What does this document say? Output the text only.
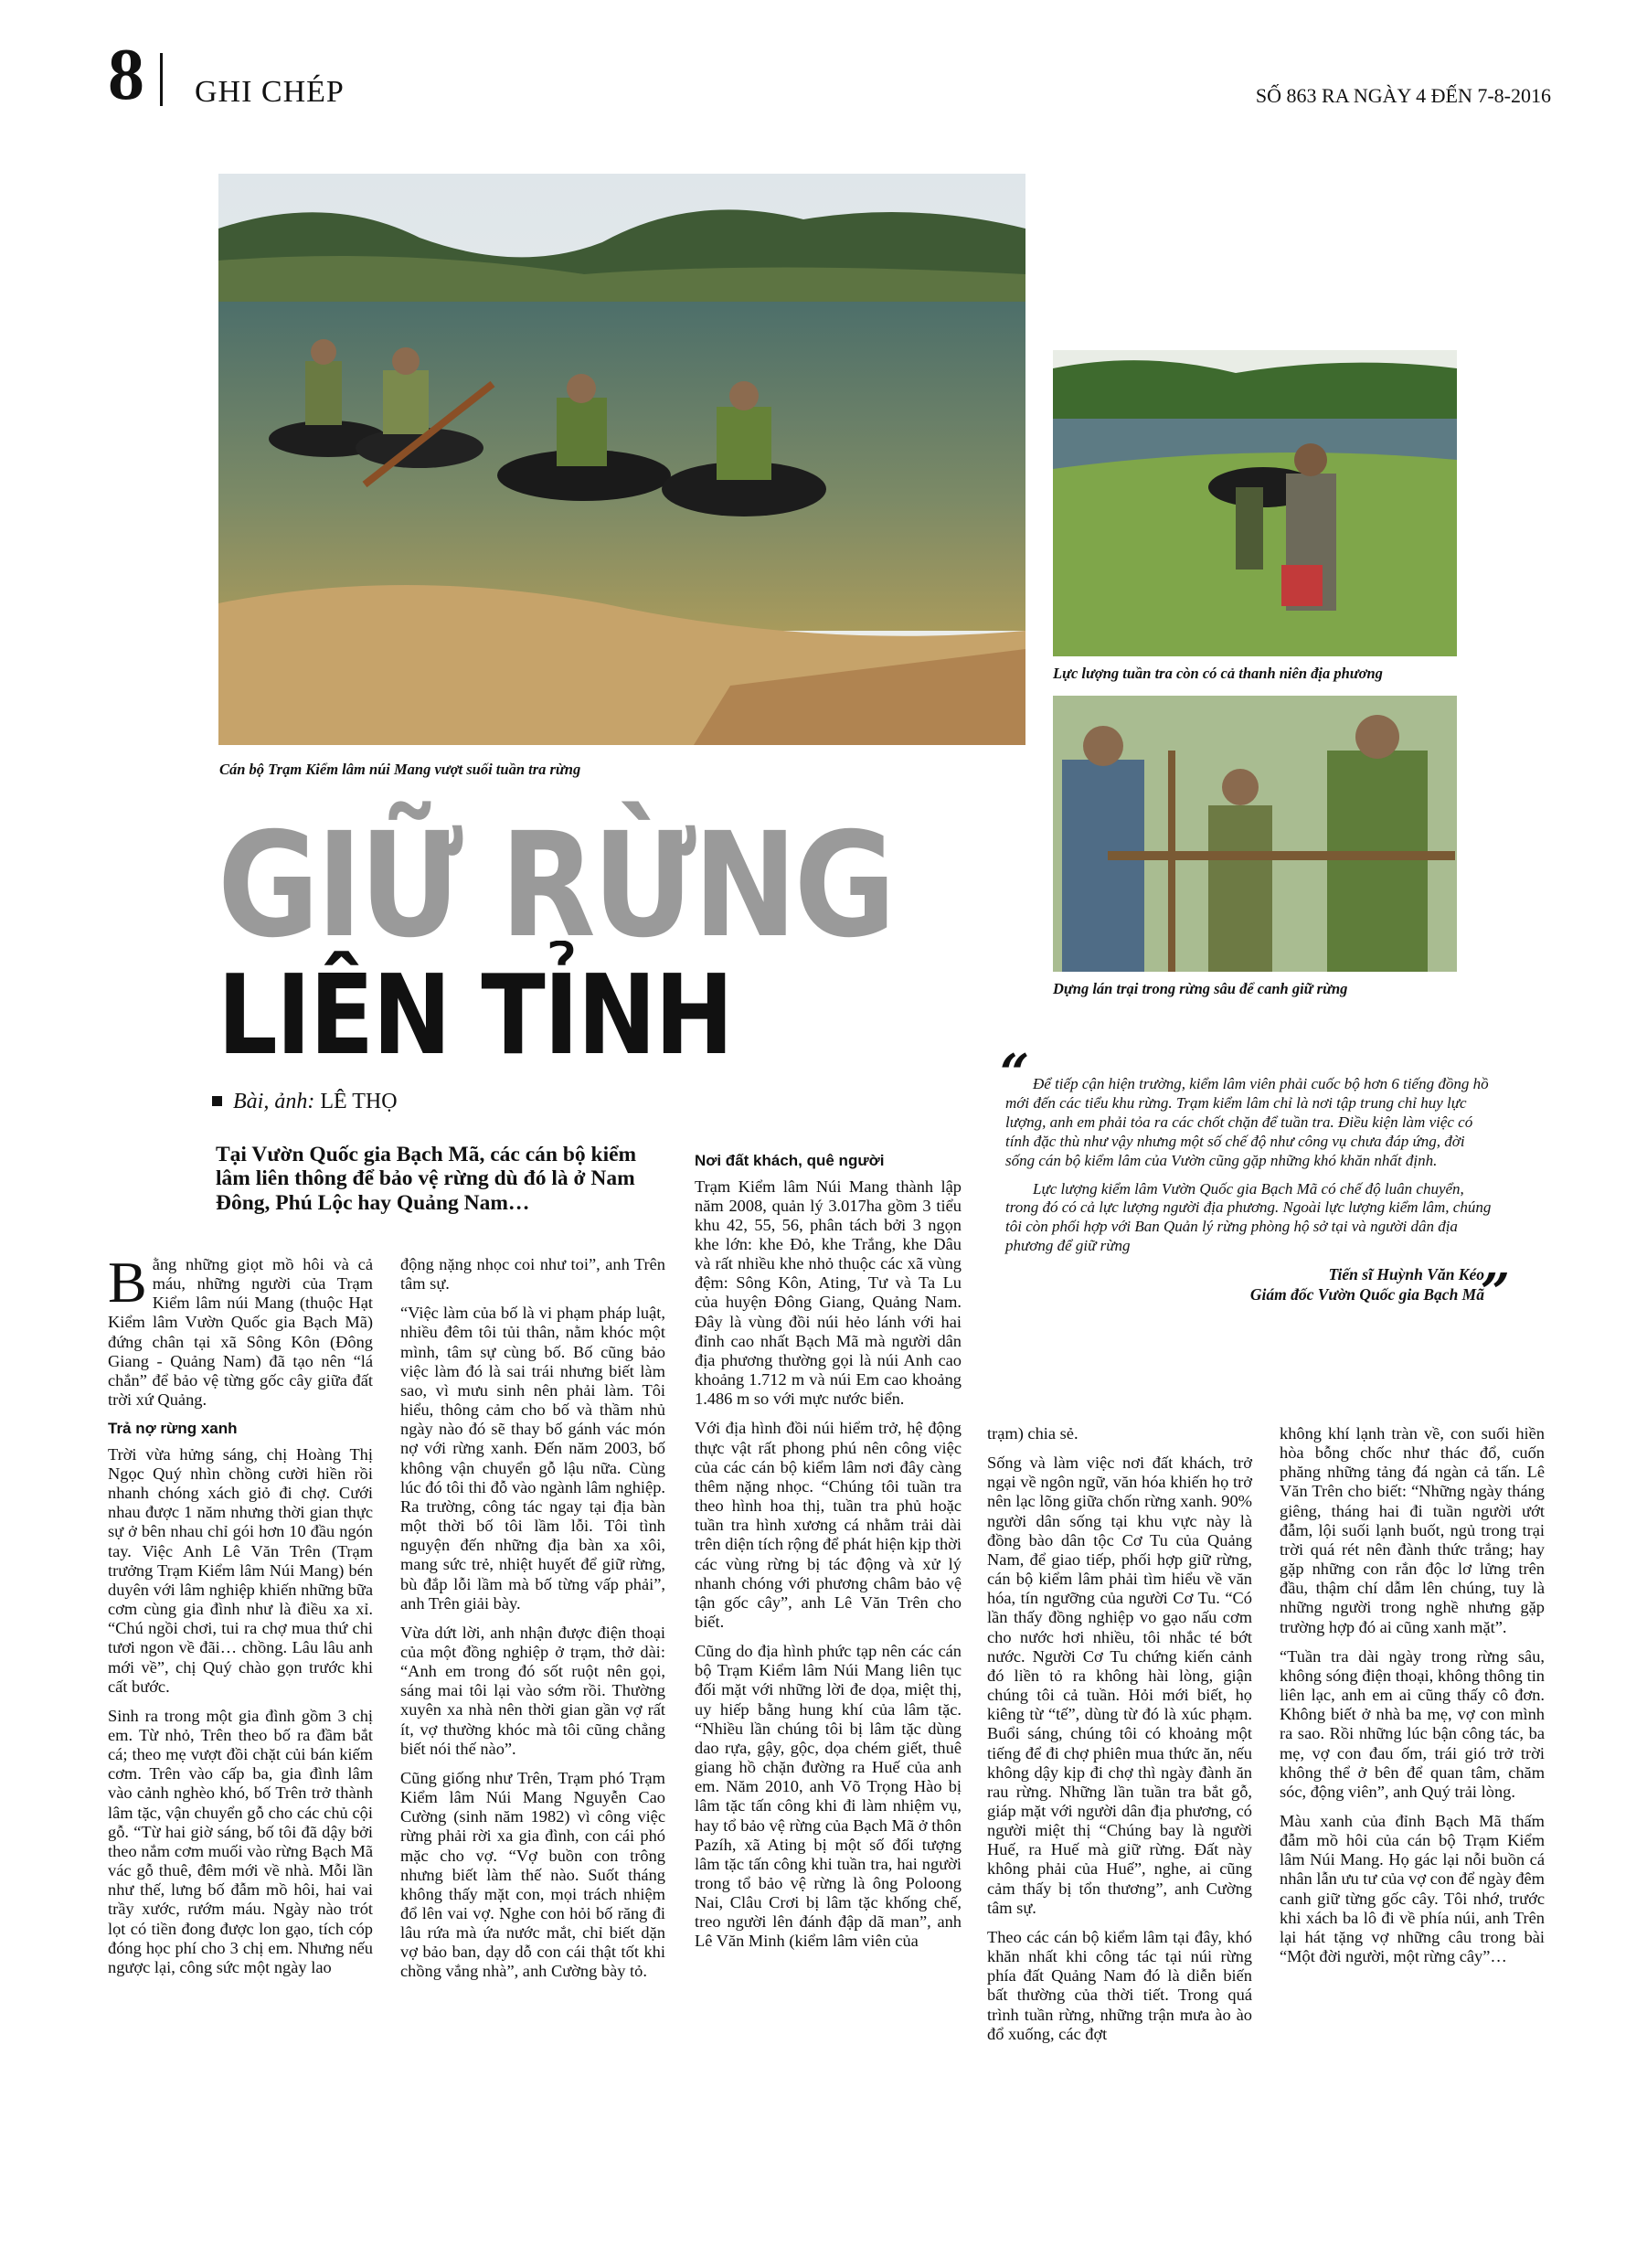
8 GHI CHÉP	SỐ 863 RA NGÀY 4 ĐẾN 7-8-2016
Cán bộ Trạm Kiểm lâm núi Mang vượt suối tuần tra rừng
Lực lượng tuần tra còn có cả thanh niên địa phương
Dựng lán trại trong rừng sâu để canh giữ rừng
GIỮ RỪNG
LIÊN TỈNH
Bài, ảnh: LÊ THỌ
Tại Vườn Quốc gia Bạch Mã, các cán bộ kiểm lâm liên thông để bảo vệ rừng dù đó là ở Nam Đông, Phú Lộc hay Quảng Nam…
“ Để tiếp cận hiện trường, kiểm lâm viên phải cuốc bộ hơn 6 tiếng đồng hồ mới đến các tiểu khu rừng. Trạm kiểm lâm chỉ là nơi tập trung chỉ huy lực lượng, anh em phải tỏa ra các chốt chặn để tuần tra. Điều kiện làm việc có tính đặc thù như vậy nhưng một số chế độ như công vụ chưa đáp ứng, đời sống cán bộ kiểm lâm của Vườn cũng gặp những khó khăn nhất định.

Lực lượng kiểm lâm Vườn Quốc gia Bạch Mã có chế độ luân chuyển, trong đó có cả lực lượng người địa phương. Ngoài lực lượng kiểm lâm, chúng tôi còn phối hợp với Ban Quản lý rừng phòng hộ sở tại và người dân địa phương để giữ rừng

Tiến sĩ Huỳnh Văn Kéo
Giám đốc Vườn Quốc gia Bạch Mã
”

Bằng những giọt mồ hôi và cả máu, những người của Trạm Kiểm lâm núi Mang (thuộc Hạt Kiểm lâm Vườn Quốc gia Bạch Mã) đứng chân tại xã Sông Kôn (Đông Giang - Quảng Nam) đã tạo nên “lá chắn” để bảo vệ từng gốc cây giữa đất trời xứ Quảng.

Trả nợ rừng xanh

Trời vừa hửng sáng, chị Hoàng Thị Ngọc Quý nhìn chồng cười hiền rồi nhanh chóng xách giỏ đi chợ. Cưới nhau được 1 năm nhưng thời gian thực sự ở bên nhau chỉ gói hơn 10 đầu ngón tay. Việc Anh Lê Văn Trên (Trạm trưởng Trạm Kiểm lâm Núi Mang) bén duyên với lâm nghiệp khiến những bữa cơm cùng gia đình như là điều xa xỉ. “Chú ngồi chơi, tui ra chợ mua thứ chi tươi ngon về đãi… chồng. Lâu lâu anh mới về”, chị Quý chào gọn trước khi cất bước.

Sinh ra trong một gia đình gồm 3 chị em. Từ nhỏ, Trên theo bố ra đầm bắt cá; theo mẹ vượt đồi chặt củi bán kiếm cơm. Trên vào cấp ba, gia đình lâm vào cảnh nghèo khó, bố Trên trở thành lâm tặc, vận chuyển gỗ cho các chủ cội gỗ. “Từ hai giờ sáng, bố tôi đã dậy bởi theo nắm cơm muối vào rừng Bạch Mã vác gỗ thuê, đêm mới về nhà. Mỗi lần như thế, lưng bố đẫm mồ hôi, hai vai trầy xước, rướm máu. Ngày nào trót lọt có tiền đong được lon gạo, tích cóp đóng học phí cho 3 chị em. Nhưng nếu ngược lại, công sức một ngày lao

động nặng nhọc coi như toi”, anh Trên tâm sự.

“Việc làm của bố là vi phạm pháp luật, nhiều đêm tôi tủi thân, nằm khóc một mình, tâm sự cùng bố. Bố cũng bảo việc làm đó là sai trái nhưng biết làm sao, vì mưu sinh nên phải làm. Tôi hiểu, thông cảm cho bố và thầm nhủ ngày nào đó sẽ thay bố gánh vác món nợ với rừng xanh. Đến năm 2003, bố không vận chuyển gỗ lậu nữa. Cùng lúc đó tôi thi đỗ vào ngành lâm nghiệp. Ra trường, công tác ngay tại địa bàn một thời bố tôi lầm lỗi. Tôi tình nguyện đến những địa bàn xa xôi, mang sức trẻ, nhiệt huyết để giữ rừng, bù đắp lỗi lầm mà bố từng vấp phải”, anh Trên giải bày.

Vừa dứt lời, anh nhận được điện thoại của một đồng nghiệp ở trạm, thở dài: “Anh em trong đó sốt ruột nên gọi, sáng mai tôi lại vào sớm rồi. Thường xuyên xa nhà nên thời gian gần vợ rất ít, vợ thường khóc mà tôi cũng chẳng biết nói thế nào”.

Cũng giống như Trên, Trạm phó Trạm Kiểm lâm Núi Mang Nguyễn Cao Cường (sinh năm 1982) vì công việc rừng phải rời xa gia đình, con cái phó mặc cho vợ. “Vợ buồn con trông nhưng biết làm thế nào. Suốt tháng không thấy mặt con, mọi trách nhiệm đổ lên vai vợ. Nghe con hỏi bố răng đi lâu rứa mà ứa nước mắt, chỉ biết dặn vợ bảo ban, dạy dỗ con cái thật tốt khi chồng vắng nhà”, anh Cường bày tỏ.

Nơi đất khách, quê người

Trạm Kiểm lâm Núi Mang thành lập năm 2008, quản lý 3.017ha gồm 3 tiểu khu 42, 55, 56, phân tách bởi 3 ngọn khe lớn: khe Đỏ, khe Trắng, khe Dâu và rất nhiều khe nhỏ thuộc các xã vùng đệm: Sông Kôn, Ating, Tư và Ta Lu của huyện Đông Giang, Quảng Nam. Đây là vùng đồi núi hẻo lánh với hai đỉnh cao nhất Bạch Mã mà người dân địa phương thường gọi là núi Anh cao khoảng 1.712 m và núi Em cao khoảng 1.486 m so với mực nước biển.

Với địa hình đồi núi hiểm trở, hệ động thực vật rất phong phú nên công việc của các cán bộ kiểm lâm nơi đây càng thêm nặng nhọc. “Chúng tôi tuần tra theo hình hoa thị, tuần tra phủ hoặc tuần tra hình xương cá nhằm trải dài trên diện tích rộng để phát hiện kịp thời các vùng rừng bị tác động và xử lý nhanh chóng với phương châm bảo vệ tận gốc cây”, anh Lê Văn Trên cho biết.

Cũng do địa hình phức tạp nên các cán bộ Trạm Kiểm lâm Núi Mang liên tục đối mặt với những lời đe dọa, miệt thị, uy hiếp bằng hung khí của lâm tặc. “Nhiều lần chúng tôi bị lâm tặc dùng dao rựa, gậy, gộc, dọa chém giết, thuê giang hồ chặn đường ra Huế của anh em. Năm 2010, anh Võ Trọng Hào bị lâm tặc tấn công khi đi làm nhiệm vụ, hay tổ bảo vệ rừng của Bạch Mã ở thôn Pazíh, xã Ating bị một số đối tượng lâm tặc tấn công khi tuần tra, hai người trong tổ bảo vệ rừng là ông Poloong Nai, Clâu Crơi bị lâm tặc khống chế, treo người lên đánh đập dã man”, anh Lê Văn Minh (kiểm lâm viên của

trạm) chia sẻ.

Sống và làm việc nơi đất khách, trở ngại về ngôn ngữ, văn hóa khiến họ trở nên lạc lõng giữa chốn rừng xanh. 90% người dân sống tại khu vực này là đồng bào dân tộc Cơ Tu của Quảng Nam, để giao tiếp, phối hợp giữ rừng, cán bộ kiểm lâm phải tìm hiểu về văn hóa, tín ngưỡng của người Cơ Tu. “Có lần thấy đồng nghiệp vo gạo nấu cơm cho nước hơi nhiều, tôi nhắc té bớt nước. Người Cơ Tu chứng kiến cảnh đó liền tỏ ra không hài lòng, giận chúng tôi cả tuần. Hỏi mới biết, họ kiêng từ “tế”, dùng từ đó là xúc phạm. Buổi sáng, chúng tôi có khoảng một tiếng để đi chợ phiên mua thức ăn, nếu không dậy kịp đi chợ thì ngày đành ăn rau rừng. Những lần tuần tra bắt gỗ, giáp mặt với người dân địa phương, có người miệt thị “Chúng bay là người Huế, ra Huế mà giữ rừng. Đất này không phải của Huế”, nghe, ai cũng cảm thấy bị tổn thương”, anh Cường tâm sự.

Theo các cán bộ kiểm lâm tại đây, khó khăn nhất khi công tác tại núi rừng phía đất Quảng Nam đó là diễn biến bất thường của thời tiết. Trong quá trình tuần rừng, những trận mưa ào ào đổ xuống, các đợt

không khí lạnh tràn về, con suối hiền hòa bỗng chốc như thác đổ, cuốn phăng những tảng đá ngàn cả tấn. Lê Văn Trên cho biết: “Những ngày tháng giêng, tháng hai đi tuần người ướt đẫm, lội suối lạnh buốt, ngủ trong trại trời quá rét nên đành thức trắng; hay gặp những con rắn độc lơ lửng trên đầu, thậm chí dẫm lên chúng, tuy là những người trong nghề nhưng gặp trường hợp đó ai cũng xanh mặt”.

“Tuần tra dài ngày trong rừng sâu, không sóng điện thoại, không thông tin liên lạc, anh em ai cũng thấy cô đơn. Không biết ở nhà ba mẹ, vợ con mình ra sao. Rồi những lúc bận công tác, ba mẹ, vợ con đau ốm, trái gió trở trời không thể ở bên để quan tâm, chăm sóc, động viên”, anh Quý trải lòng.

Màu xanh của đỉnh Bạch Mã thấm đẫm mồ hôi của cán bộ Trạm Kiểm lâm Núi Mang. Họ gác lại nỗi buồn cá nhân lẫn ưu tư của vợ con để ngày đêm canh giữ từng gốc cây. Tôi nhớ, trước khi xách ba lô đi về phía núi, anh Trên lại hát tặng vợ những câu trong bài “Một đời người, một rừng cây”…
